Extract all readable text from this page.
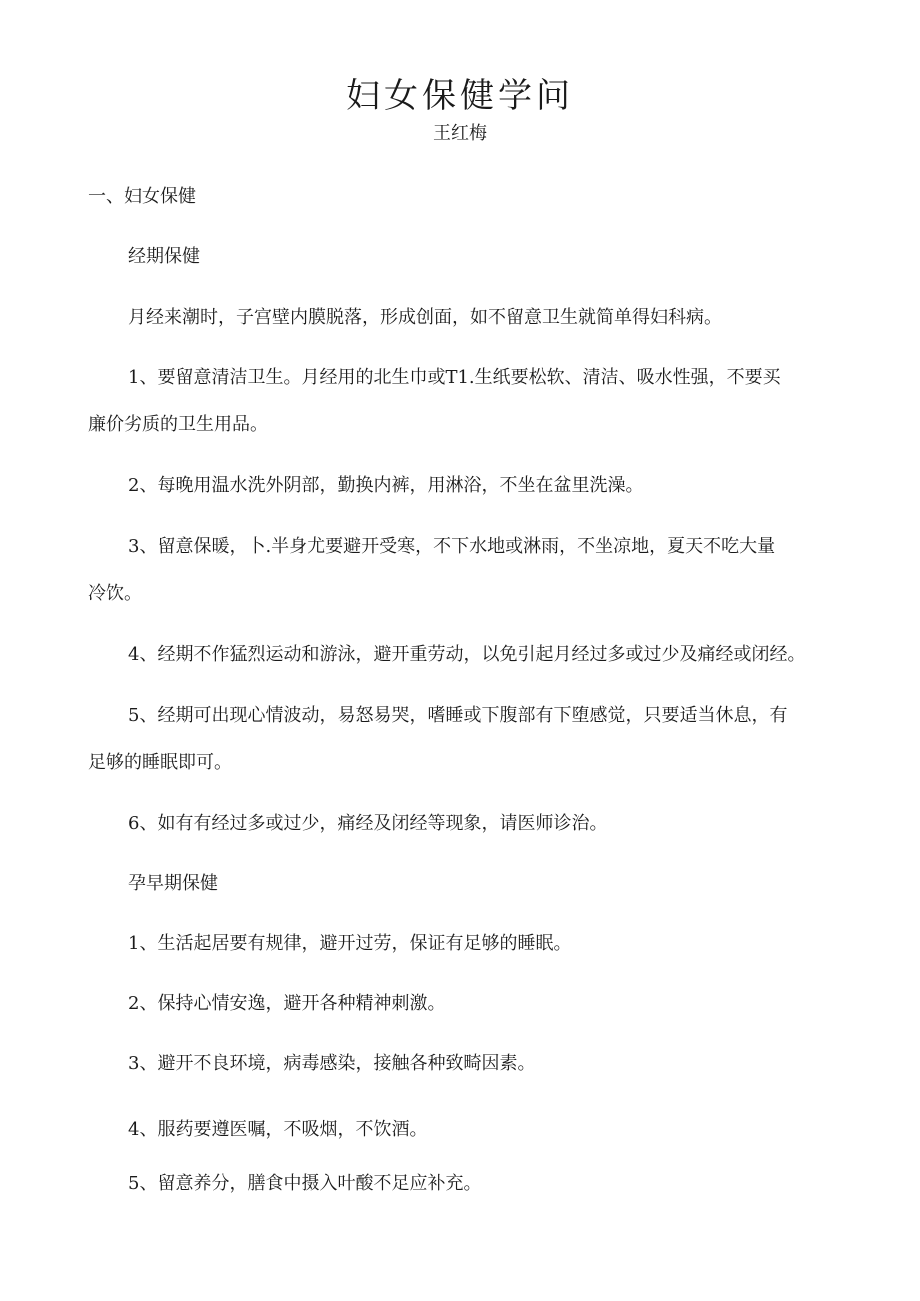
妇女保健学问

王红梅

一、妇女保健

经期保健

月经来潮时，子宫壁内膜脱落，形成创面，如不留意卫生就简单得妇科病。

1、要留意清洁卫生。月经用的北生巾或T1.生纸要松软、清洁、吸水性强，不要买

廉价劣质的卫生用品。

2、每晚用温水洗外阴部，勤换内裤，用淋浴，不坐在盆里洗澡。

3、留意保暖，卜.半身尤要避开受寒，不下水地或淋雨，不坐凉地，夏天不吃大量

冷饮。

4、经期不作猛烈运动和游泳，避开重劳动，以免引起月经过多或过少及痛经或闭经。

5、经期可出现心情波动，易怒易哭，嗜睡或下腹部有下堕感觉，只要适当休息，有

足够的睡眠即可。

6、如有有经过多或过少，痛经及闭经等现象，请医师诊治。

孕早期保健

1、生活起居要有规律，避开过劳，保证有足够的睡眠。

2、保持心情安逸，避开各种精神刺激。

3、避开不良环境，病毒感染，接触各种致畸因素。

4、服药要遵医嘱，不吸烟，不饮酒。

5、留意养分，膳食中摄入叶酸不足应补充。
